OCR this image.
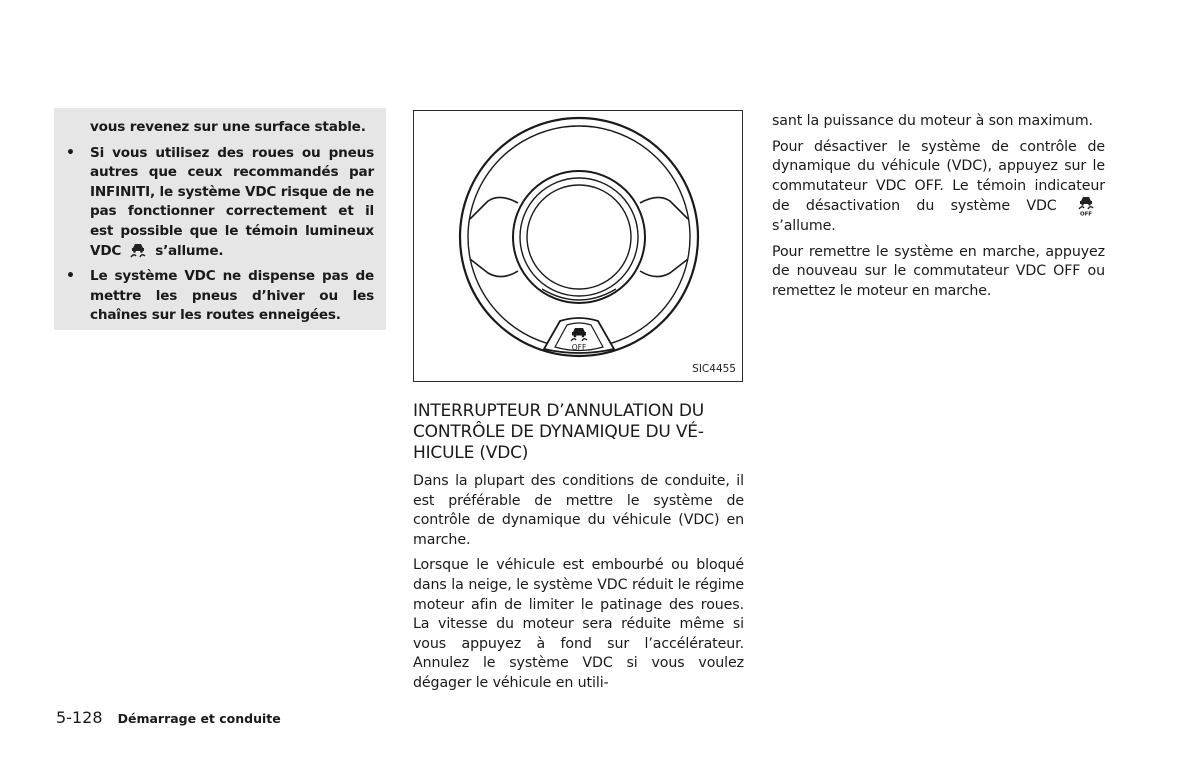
vous revenez sur une surface stable.

• Si vous utilisez des roues ou pneus autres que ceux recommandés par INFINITI, le système VDC risque de ne pas fonctionner correctement et il est possible que le témoin lumineux VDC	s’allume.

• Le système VDC ne dispense pas de mettre les pneus d’hiver ou les chaînes sur les routes enneigées.

OFF
SIC4455
INTERRUPTEUR D’ANNULATION DU
CONTRÔLE DE DYNAMIQUE DU VÉ-
HICULE (VDC)

Dans la plupart des conditions de conduite, il est préférable de mettre le système de contrôle de dynamique du véhicule (VDC) en marche.

Lorsque le véhicule est embourbé ou bloqué dans la neige, le système VDC réduit le régime moteur afin de limiter le patinage des roues. La vitesse du moteur sera réduite même si vous appuyez à fond sur l’accélérateur. Annulez le système VDC si vous voulez dégager le véhicule en utili-

sant la puissance du moteur à son maximum.

Pour désactiver le système de contrôle de dynamique du véhicule (VDC), appuyez sur le commutateur VDC OFF. Le témoin indicateur de désactivation du système VDC
OFF
s’allume.

Pour remettre le système en marche, appuyez de nouveau sur le commutateur VDC OFF ou remettez le moteur en marche.

5-128 Démarrage et conduite
